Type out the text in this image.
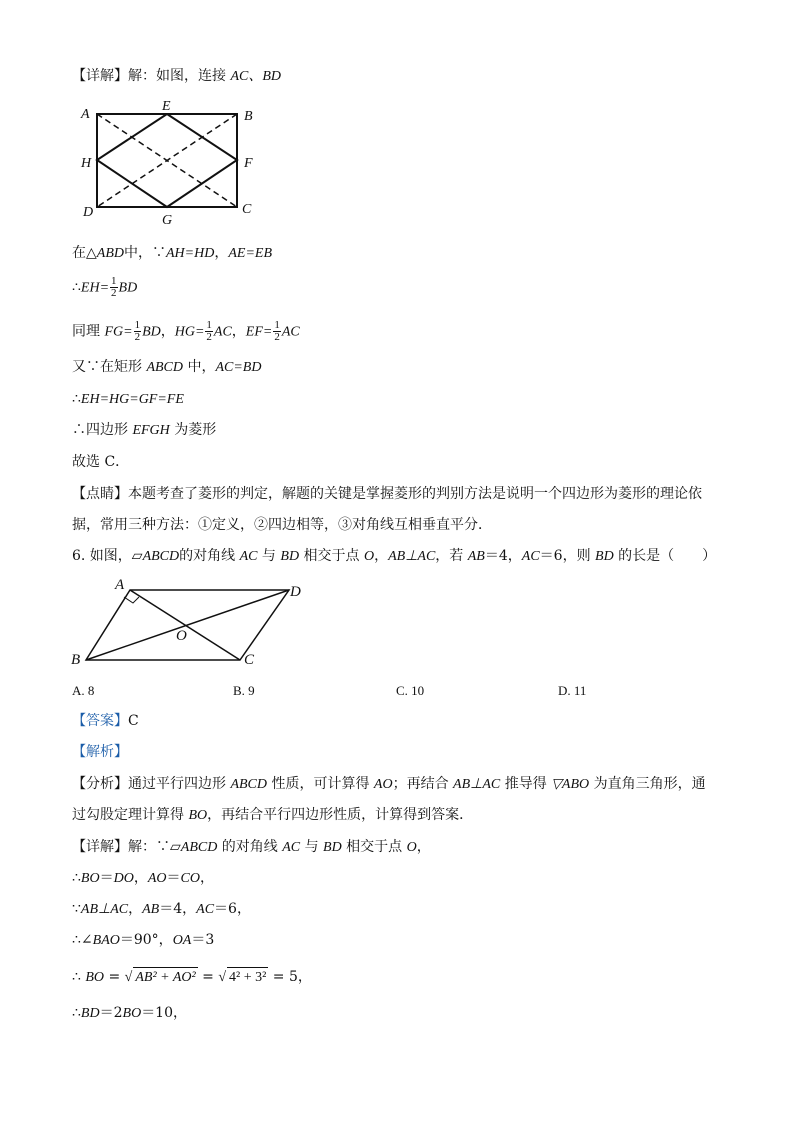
【详解】解：如图，连接 AC、BD
A
E
B
H	F
D
G
C
在△ABD中，∵AH=HD，AE=EB
∴EH= $\frac{1}{2}$ BD
同理 $FG= \frac{1}{2}$ BD，$HG= \frac{1}{2}$ AC，$EF= \frac{1}{2}$ AC
又∵在矩形 ABCD 中，AC=BD
∴EH=HG=GF=FE
∴四边形 EFGH 为菱形
故选 C．
【点睛】本题考查了菱形的判定，解题的关键是掌握菱形的判别方法是说明一个四边形为菱形的理论依
据，常用三种方法：①定义，②四边相等，③对角线互相垂直平分．
6. 如图，▱ABCD的对角线 AC 与 BD 相交于点 O，AB⊥AC，若 AB＝4，AC＝6，则 BD 的长是（　　）
A	D
O
B	C
A. 8	B. 9	C. 10	D. 11
【答案】C
【解析】
【分析】通过平行四边形 ABCD 性质，可计算得 AO；再结合 AB⊥AC 推导得 ▽ABO 为直角三角形，通
过勾股定理计算得 BO，再结合平行四边形性质，计算得到答案．
【详解】解：∵▱ABCD 的对角线 AC 与 BD 相交于点 O，
∴BO＝DO，AO＝CO，
∵AB⊥AC，AB＝4，AC＝6，
∴∠BAO＝90°，OA＝3
∴ BO = √ AB² + AO² = √ 4² + 3² = 5，
∴BD＝2BO＝10，
